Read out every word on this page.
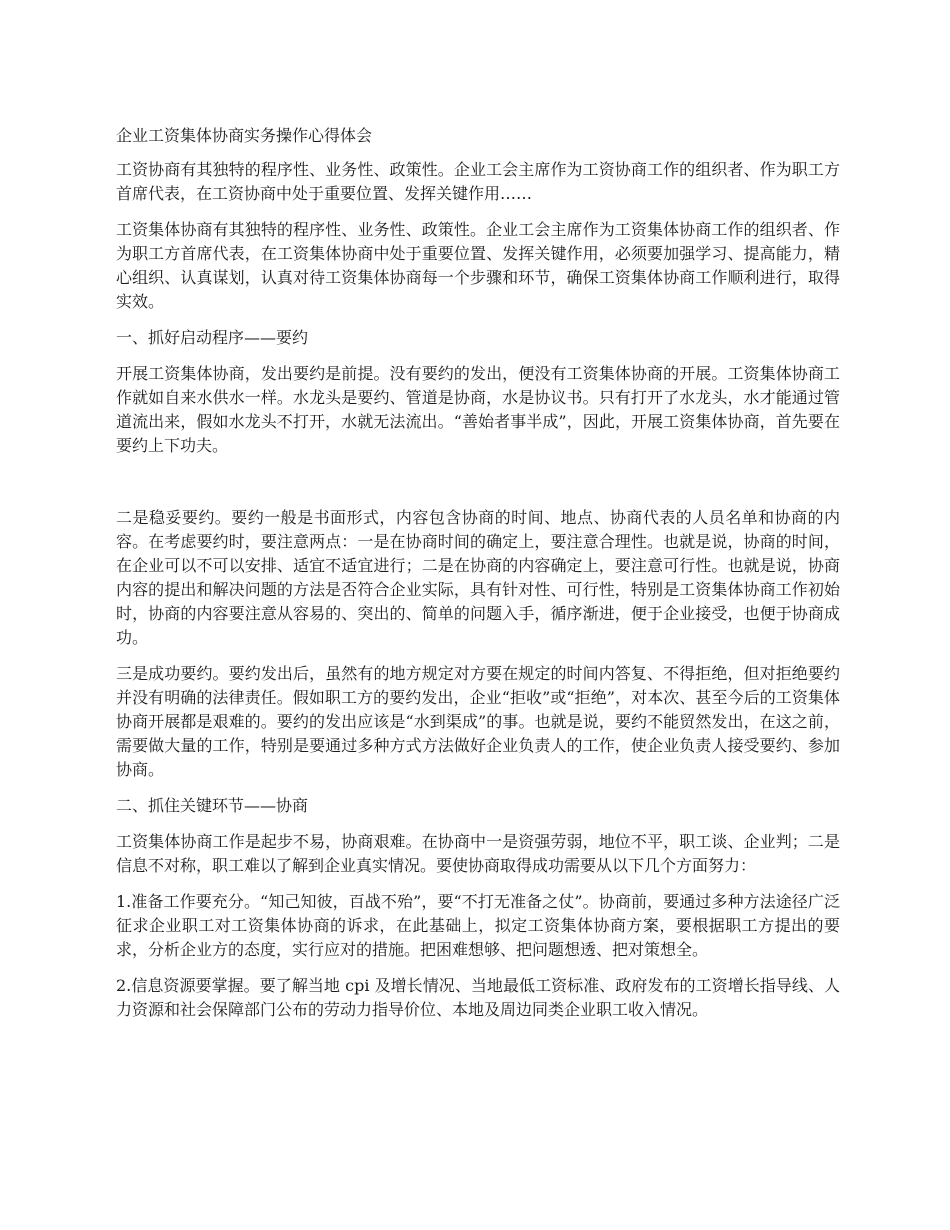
企业工资集体协商实务操作心得体会

工资协商有其独特的程序性、业务性、政策性。企业工会主席作为工资协商工作的组织者、作为职工方首席代表，在工资协商中处于重要位置、发挥关键作用……

工资集体协商有其独特的程序性、业务性、政策性。企业工会主席作为工资集体协商工作的组织者、作为职工方首席代表，在工资集体协商中处于重要位置、发挥关键作用，必须要加强学习、提高能力，精心组织、认真谋划，认真对待工资集体协商每一个步骤和环节，确保工资集体协商工作顺利进行，取得实效。

一、抓好启动程序——要约

开展工资集体协商，发出要约是前提。没有要约的发出，便没有工资集体协商的开展。工资集体协商工作就如自来水供水一样。水龙头是要约、管道是协商，水是协议书。只有打开了水龙头，水才能通过管道流出来，假如水龙头不打开，水就无法流出。“善始者事半成”，因此，开展工资集体协商，首先要在要约上下功夫。

二是稳妥要约。要约一般是书面形式，内容包含协商的时间、地点、协商代表的人员名单和协商的内容。在考虑要约时，要注意两点：一是在协商时间的确定上，要注意合理性。也就是说，协商的时间，在企业可以不可以安排、适宜不适宜进行；二是在协商的内容确定上，要注意可行性。也就是说，协商内容的提出和解决问题的方法是否符合企业实际，具有针对性、可行性，特别是工资集体协商工作初始时，协商的内容要注意从容易的、突出的、简单的问题入手，循序渐进，便于企业接受，也便于协商成功。

三是成功要约。要约发出后，虽然有的地方规定对方要在规定的时间内答复、不得拒绝，但对拒绝要约并没有明确的法律责任。假如职工方的要约发出，企业“拒收”或“拒绝”，对本次、甚至今后的工资集体协商开展都是艰难的。要约的发出应该是“水到渠成”的事。也就是说，要约不能贸然发出，在这之前，需要做大量的工作，特别是要通过多种方式方法做好企业负责人的工作，使企业负责人接受要约、参加协商。

二、抓住关键环节——协商

工资集体协商工作是起步不易，协商艰难。在协商中一是资强劳弱，地位不平，职工谈、企业判；二是信息不对称，职工难以了解到企业真实情况。要使协商取得成功需要从以下几个方面努力：

1.准备工作要充分。“知己知彼，百战不殆”，要“不打无准备之仗”。协商前，要通过多种方法途径广泛征求企业职工对工资集体协商的诉求，在此基础上，拟定工资集体协商方案，要根据职工方提出的要求，分析企业方的态度，实行应对的措施。把困难想够、把问题想透、把对策想全。

2.信息资源要掌握。要了解当地 cpi 及增长情况、当地最低工资标准、政府发布的工资增长指导线、人力资源和社会保障部门公布的劳动力指导价位、本地及周边同类企业职工收入情况。
